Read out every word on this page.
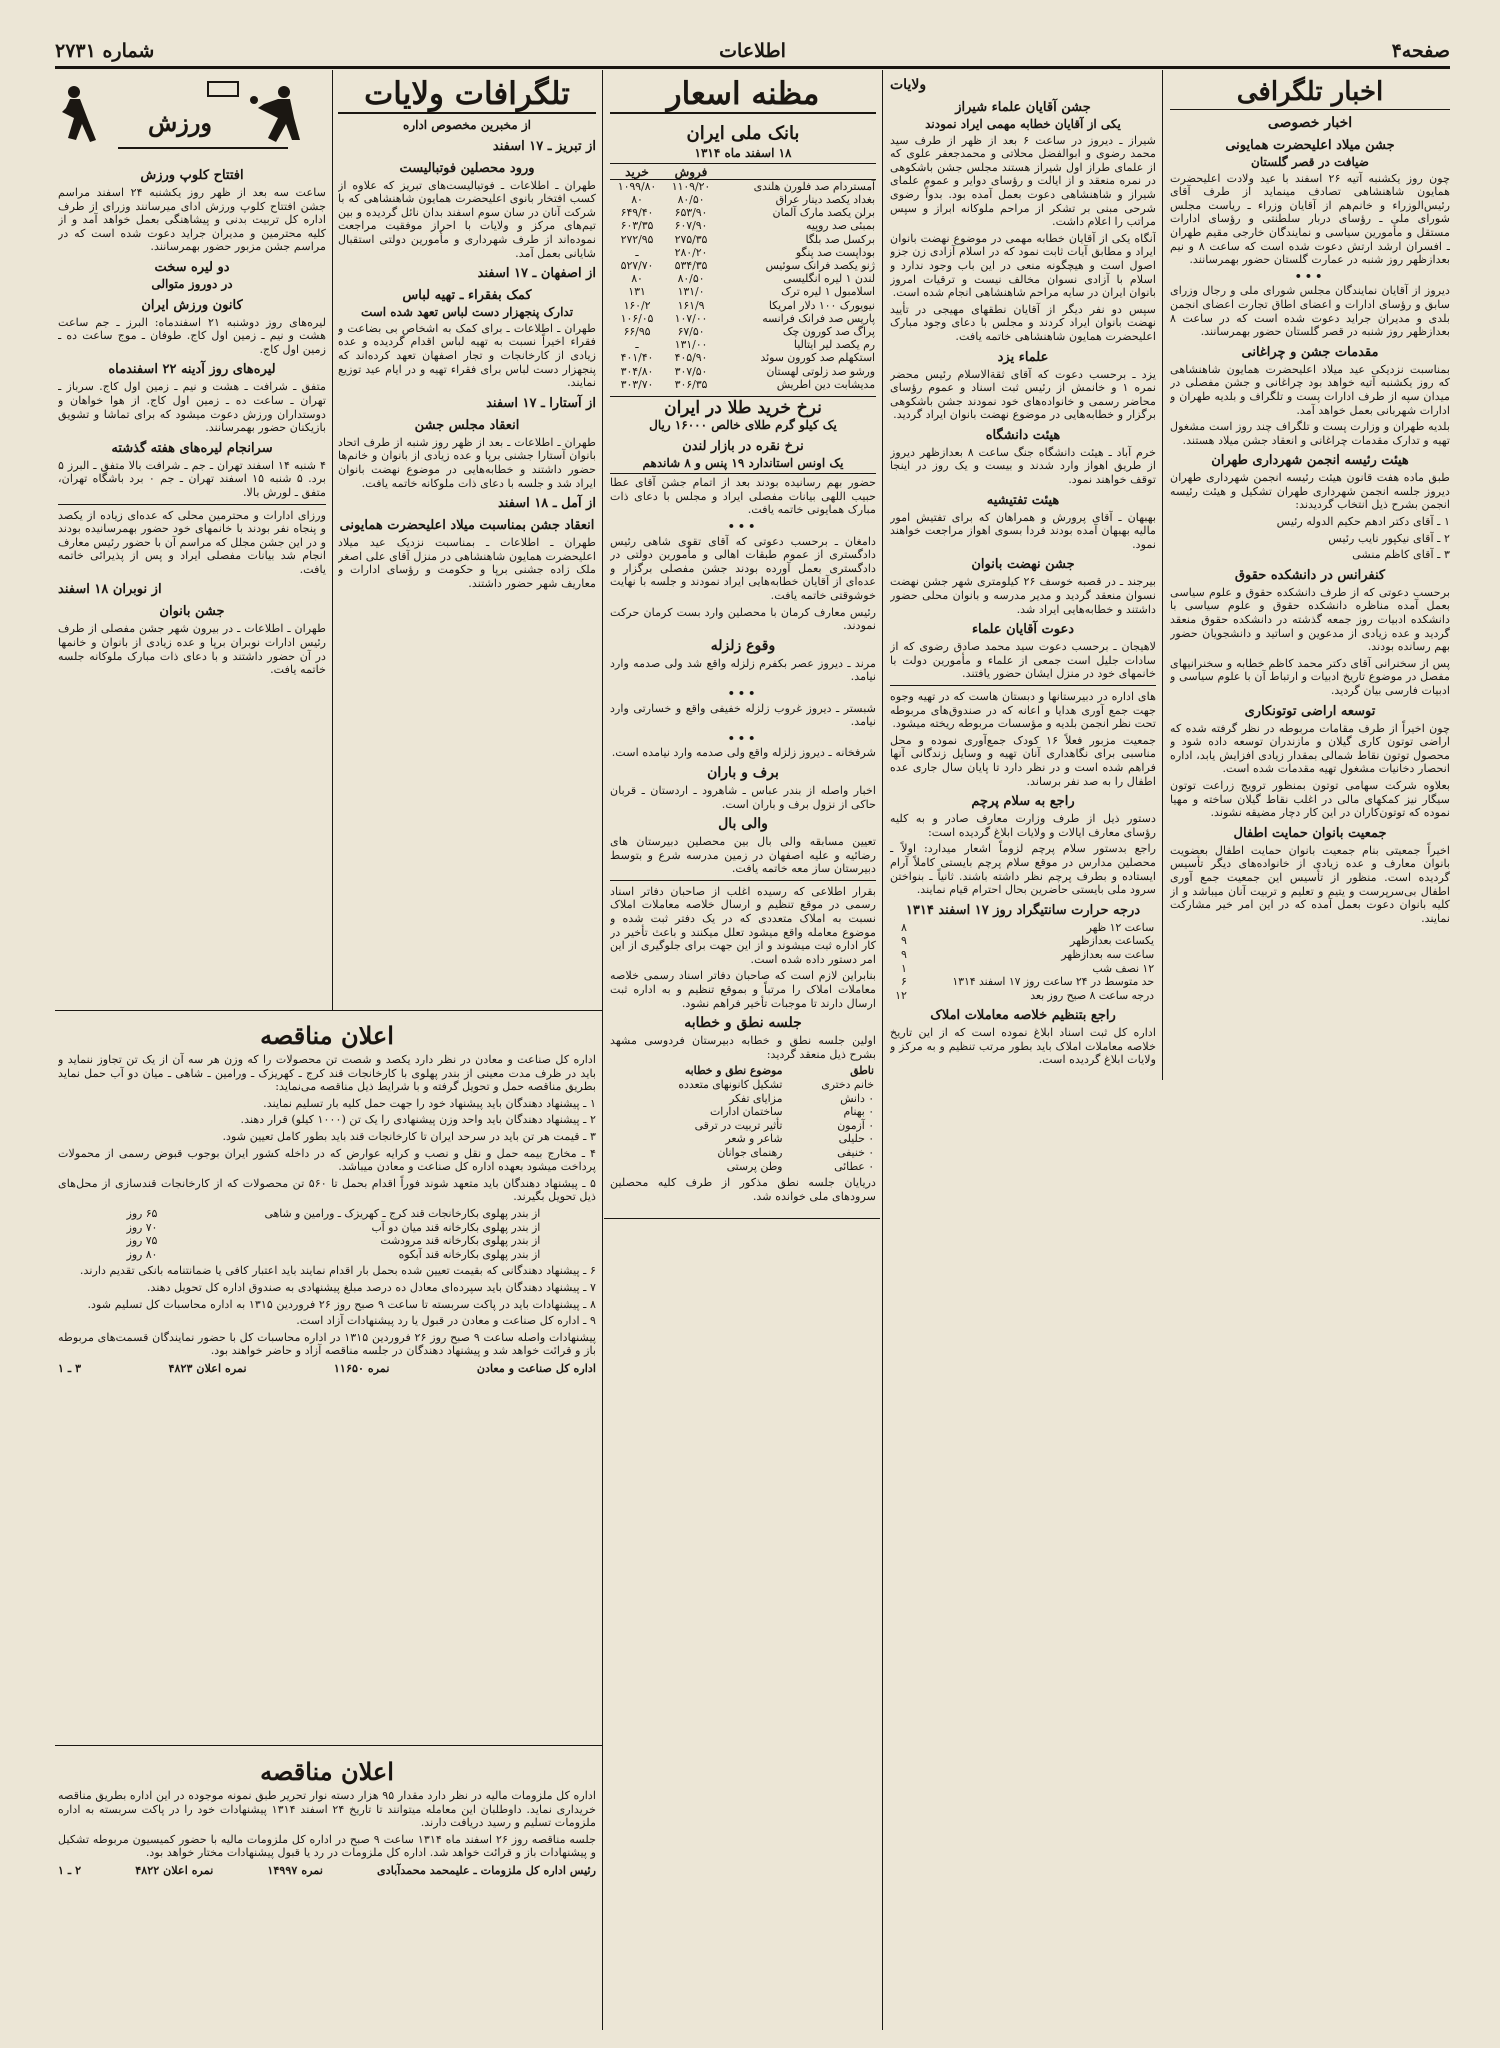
صفحه۴
اطلاعات
شماره ۲۷۳۱
اخبار تلگرافی
اخبار خصوصی
جشن میلاد اعلیحضرت همایونی
ضیافت در قصر گلستان

چون روز یکشنبه آتیه ۲۶ اسفند با عید ولادت اعلیحضرت همایون شاهنشاهی تصادف مینماید از طرف آقای رئیس‌الوزراء و خانم‌هم از آقایان وزراء ـ ریاست مجلس شورای ملی ـ رؤسای دربار سلطنتی و رؤسای ادارات مستقل و مأمورین سیاسی و نمایندگان خارجی مقیم طهران ـ افسران ارشد ارتش دعوت شده است که ساعت ۸ و نیم بعدازظهر روز شنبه در عمارت گلستان حضور بهمرسانند.

•••

دیروز از آقایان نمایندگان مجلس شورای ملی و رجال وزرای سابق و رؤسای ادارات و اعضای اطاق تجارت اعضای انجمن بلدی و مدیران جراید دعوت شده است که در ساعت ۸ بعدازظهر روز شنبه در قصر گلستان حضور بهمرسانند.

مقدمات جشن و چراغانی

بمناسبت نزدیکی عید میلاد اعلیحضرت همایون شاهنشاهی که روز یکشنبه آتیه خواهد بود چراغانی و جشن مفصلی در میدان سپه از طرف ادارات پست و تلگراف و بلدیه طهران و ادارات شهربانی بعمل خواهد آمد.

بلدیه طهران و وزارت پست و تلگراف چند روز است مشغول تهیه و تدارک مقدمات چراغانی و انعقاد جشن میلاد هستند.

هیئت رئیسه انجمن شهرداری طهران

طبق ماده هفت قانون هیئت رئیسه انجمن شهرداری طهران دیروز جلسه انجمن شهرداری طهران تشکیل و هیئت رئیسه انجمن بشرح ذیل انتخاب گردیدند:

۱ ـ آقای دکتر ادهم حکیم الدوله رئیس

۲ ـ آقای نیکپور نایب رئیس

۳ ـ آقای کاظم منشی

کنفرانس در دانشکده حقوق

برحسب دعوتی که از طرف دانشکده حقوق و علوم سیاسی بعمل آمده مناظره دانشکده حقوق و علوم سیاسی با دانشکده ادبیات روز جمعه گذشته در دانشکده حقوق منعقد گردید و عده زیادی از مدعوین و اساتید و دانشجویان حضور بهم رسانده بودند.

پس از سخنرانی آقای دکتر محمد کاظم خطابه و سخنرانیهای مفصل در موضوع تاریخ ادبیات و ارتباط آن با علوم سیاسی و ادبیات فارسی بیان گردید.

توسعه اراضی توتونکاری

چون اخیراً از طرف مقامات مربوطه در نظر گرفته شده که اراضی توتون کاری گیلان و مازندران توسعه داده شود و محصول توتون نقاط شمالی بمقدار زیادی افزایش یابد، اداره انحصار دخانیات مشغول تهیه مقدمات شده است.

بعلاوه شرکت سهامی توتون بمنظور ترویج زراعت توتون سیگار نیز کمکهای مالی در اغلب نقاط گیلان ساخته و مهیا نموده که توتون‌کاران در این کار دچار مضیقه نشوند.

جمعیت بانوان حمایت اطفال

اخیراً جمعیتی بنام جمعیت بانوان حمایت اطفال بعضویت بانوان معارف و عده زیادی از خانواده‌های دیگر تأسیس گردیده است. منظور از تأسیس این جمعیت جمع آوری اطفال بی‌سرپرست و یتیم و تعلیم و تربیت آنان میباشد و از کلیه بانوان دعوت بعمل آمده که در این امر خیر مشارکت نمایند.

ولایات
جشن آقایان علماء شیراز
یکی از آقایان خطابه مهمی ایراد نمودند

شیراز ـ دیروز در ساعت ۶ بعد از ظهر از طرف سید محمد رضوی و ابوالفضل محلاتی و محمدجعفر علوی که از علمای طراز اول شیراز هستند مجلس جشن باشکوهی در نمره منعقد و از ایالت و رؤسای دوایر و عموم علمای شیراز و شاهنشاهی دعوت بعمل آمده بود. بدواً رضوی شرحی مبنی بر تشکر از مراحم ملوکانه ابراز و سپس مراتب را اعلام داشت.

آنگاه یکی از آقایان خطابه مهمی در موضوع نهضت بانوان ایراد و مطابق آیات ثابت نمود که در اسلام آزادی زن جزو اصول است و هیچگونه منعی در این باب وجود ندارد و اسلام با آزادی نسوان مخالف نیست و ترقیات امروز بانوان ایران در سایه مراحم شاهنشاهی انجام شده است.

سپس دو نفر دیگر از آقایان نطقهای مهیجی در تأیید نهضت بانوان ایراد کردند و مجلس با دعای وجود مبارک اعلیحضرت همایون شاهنشاهی خاتمه یافت.

علماء یزد

یزد ـ برحسب دعوت که آقای ثقةالاسلام رئیس محضر نمره ۱ و خانمش از رئیس ثبت اسناد و عموم رؤسای محاضر رسمی و خانواده‌های خود نمودند جشن باشکوهی برگزار و خطابه‌هایی در موضوع نهضت بانوان ایراد گردید.

هیئت دانشگاه

خرم آباد ـ هیئت دانشگاه جنگ ساعت ۸ بعدازظهر دیروز از طریق اهواز وارد شدند و بیست و یک روز در اینجا توقف خواهند نمود.

هیئت تفتیشیه

بهبهان ـ آقای پرورش و همراهان که برای تفتیش امور مالیه بهبهان آمده بودند فردا بسوی اهواز مراجعت خواهند نمود.

جشن نهضت بانوان

بیرجند ـ در قصبه خوسف ۲۶ کیلومتری شهر جشن نهضت نسوان منعقد گردید و مدیر مدرسه و بانوان محلی حضور داشتند و خطابه‌هایی ایراد شد.

دعوت آقایان علماء

لاهیجان ـ برحسب دعوت سید محمد صادق رضوی که از سادات جلیل است جمعی از علماء و مأمورین دولت با خانمهای خود در منزل ایشان حضور یافتند.

های اداره در دبیرستانها و دبستان هاست که در تهیه وجوه جهت جمع آوری هدایا و اعانه که در صندوق‌های مربوطه تحت نظر انجمن بلدیه و مؤسسات مربوطه ریخته میشود.

جمعیت مزبور فعلاً ۱۶ کودک جمع‌آوری نموده و محل مناسبی برای نگاهداری آنان تهیه و وسایل زندگانی آنها فراهم شده است و در نظر دارد تا پایان سال جاری عده اطفال را به صد نفر برساند.

راجع به سلام پرچم

دستور ذیل از طرف وزارت معارف صادر و به کلیه رؤسای معارف ایالات و ولایات ابلاغ گردیده است:

راجع بدستور سلام پرچم لزوماً اشعار میدارد: اولاً ـ محصلین مدارس در موقع سلام پرچم بایستی کاملاً آرام ایستاده و بطرف پرچم نظر داشته باشند. ثانیاً ـ بنواختن سرود ملی بایستی حاضرین بحال احترام قیام نمایند.

درجه حرارت سانتیگراد روز ۱۷ اسفند ۱۳۱۴
ساعت ۱۲ ظهر	۸
یکساعت بعدازظهر	۹
ساعت سه بعدازظهر	۹
۱۲ نصف شب	۱
حد متوسط در ۲۴ ساعت روز ۱۷ اسفند ۱۳۱۴	۶
درجه ساعت ۸ صبح روز بعد	۱۲
راجع بتنظیم خلاصه معاملات املاک

اداره کل ثبت اسناد ابلاغ نموده است که از این تاریخ خلاصه معاملات املاک باید بطور مرتب تنظیم و به مرکز و ولایات ابلاغ گردیده است.

مظنه اسعار
بانک ملی ایران
۱۸ اسفند ماه ۱۳۱۴
	فروش	خرید
آمستردام صد فلورن هلندی	۱۱۰۹/۲۰	۱۰۹۹/۸۰
بغداد یکصد دینار عراق	۸۰/۵۰	۸۰
برلن یکصد مارک آلمان	۶۵۳/۹۰	۶۴۹/۴۰
بمبئی صد روپیه	۶۰۷/۹۰	۶۰۳/۳۵
برکسل صد بلگا	۲۷۵/۳۵	۲۷۲/۹۵
بوداپست صد پنگو	۲۸۰/۲۰	ـ
ژنو یکصد فرانک سوئیس	۵۳۴/۳۵	۵۲۷/۷۰
لندن ۱ لیره انگلیسی	۸۰/۵۰	۸۰
اسلامبول ۱ لیره ترک	۱۳۱/۰	۱۳۱
نیویورک ۱۰۰ دلار امریکا	۱۶۱/۹	۱۶۰/۲
پاریس صد فرانک فرانسه	۱۰۷/۰۰	۱۰۶/۰۵
پراگ صد کورون چک	۶۷/۵۰	۶۶/۹۵
رم یکصد لیر ایتالیا	۱۳۱/۰۰	ـ
استکهلم صد کورون سوئد	۴۰۵/۹۰	۴۰۱/۴۰
ورشو صد زلوتی لهستان	۳۰۷/۵۰	۳۰۴/۸۰
مدیشابت دین اطریش	۳۰۶/۳۵	۳۰۳/۷۰
نرخ خرید طلا در ایران
یک کیلو گرم طلای خالص ۱۶۰۰۰ ریال
نرخ نقره در بازار لندن
یک اونس استاندارد ۱۹ پنس و ۸ شاندهم

حضور بهم رسانیده بودند بعد از اتمام جشن آقای عطا حبیب اللهی بیانات مفصلی ایراد و مجلس با دعای ذات مبارک همایونی خاتمه یافت.

•••

دامغان ـ برحسب دعوتی که آقای تقوی شاهی رئیس دادگستری از عموم طبقات اهالی و مأمورین دولتی در دادگستری بعمل آورده بودند جشن مفصلی برگزار و عده‌ای از آقایان خطابه‌هایی ایراد نمودند و جلسه با نهایت خوشوقتی خاتمه یافت.

رئیس معارف کرمان با محصلین وارد بست کرمان حرکت نمودند.

وقوع زلزله

مرند ـ دیروز عصر بکفرم زلزله واقع شد ولی صدمه وارد نیامد.

•••

شبستر ـ دیروز غروب زلزله خفیفی واقع و خسارتی وارد نیامد.

•••

شرفخانه ـ دیروز زلزله واقع ولی صدمه وارد نیامده است.

برف و باران

اخبار واصله از بندر عباس ـ شاهرود ـ اردستان ـ قربان حاکی از نزول برف و باران است.

والی بال

تعیین مسابقه والی بال بین محصلین دبیرستان های رضائیه و علیه اصفهان در زمین مدرسه شرع و بتوسط دبیرستان ساز معه خاتمه یافت.

بقرار اطلاعی که رسیده اغلب از صاحبان دفاتر اسناد رسمی در موقع تنظیم و ارسال خلاصه معاملات املاک نسبت به املاک متعددی که در یک دفتر ثبت شده و موضوع معامله واقع میشود تعلل میکنند و باعث تأخیر در کار اداره ثبت میشوند و از این جهت برای جلوگیری از این امر دستور داده شده است.

بنابراین لازم است که صاحبان دفاتر اسناد رسمی خلاصه معاملات املاک را مرتباً و بموقع تنظیم و به اداره ثبت ارسال دارند تا موجبات تأخیر فراهم نشود.

جلسه نطق و خطابه

اولین جلسه نطق و خطابه دبیرستان فردوسی مشهد بشرح ذیل منعقد گردید:

ناطق	موضوع نطق و خطابه
خانم دختری	تشکیل کانونهای متعدده
۰ دانش	مزایای تفکر
۰ بهنام	ساختمان ادارات
۰ آزمون	تأثیر تربیت در ترقی
۰ حلیلی	شاعر و شعر
۰ خنیفی	رهنمای جوانان
۰ عطائی	وطن پرستی

دریایان جلسه نطق مذکور از طرف کلیه محصلین سرودهای ملی خوانده شد.

تلگرافات ولایات
از مخبرین مخصوص اداره
از تبریز ـ ۱۷ اسفند
ورود محصلین فوتبالیست

طهران ـ اطلاعات ـ فوتبالیست‌های تبریز که علاوه از کسب افتخار بانوی اعلیحضرت همایون شاهنشاهی که با شرکت آنان در سان سوم اسفند بدان نائل گردیده و بین تیم‌های مرکز و ولایات با احراز موفقیت مراجعت نموده‌اند از طرف شهرداری و مأمورین دولتی استقبال شایانی بعمل آمد.

از اصفهان ـ ۱۷ اسفند
کمک بفقراء ـ تهیه لباس
تدارک پنجهزار دست لباس تعهد شده است

طهران ـ اطلاعات ـ برای کمک به اشخاص بی بضاعت و فقراء اخیراً نسبت به تهیه لباس اقدام گردیده و عده زیادی از کارخانجات و تجار اصفهان تعهد کرده‌اند که پنجهزار دست لباس برای فقراء تهیه و در ایام عید توزیع نمایند.

از آستارا ـ ۱۷ اسفند
انعقاد مجلس جشن

طهران ـ اطلاعات ـ بعد از ظهر روز شنبه از طرف اتحاد بانوان آستارا جشنی برپا و عده زیادی از بانوان و خانم‌ها حضور داشتند و خطابه‌هایی در موضوع نهضت بانوان ایراد شد و جلسه با دعای ذات ملوکانه خاتمه یافت.

از آمل ـ ۱۸ اسفند
انعقاد جشن بمناسبت میلاد اعلیحضرت همایونی

طهران ـ اطلاعات ـ بمناسبت نزدیک عید میلاد اعلیحضرت همایون شاهنشاهی در منزل آقای علی اصغر ملک زاده جشنی برپا و حکومت و رؤسای ادارات و معاریف شهر حضور داشتند.

ورزش
افتتاح کلوپ ورزش

ساعت سه بعد از ظهر روز یکشنبه ۲۴ اسفند مراسم جشن افتتاح کلوپ ورزش ادای میرسانند وزرای از طرف اداره کل تربیت بدنی و پیشاهنگی بعمل خواهد آمد و از کلیه محترمین و مدیران جراید دعوت شده است که در مراسم جشن مزبور حضور بهمرسانند.

دو لیره سخت
در دوروز متوالی
کانون ورزش ایران

لیره‌های روز دوشنبه ۲۱ اسفندماه: البرز ـ جم ساعت هشت و نیم ـ زمین اول کاج. طوفان ـ موج ساعت ده ـ زمین اول کاج.

لیره‌های روز آدینه ۲۲ اسفندماه

متفق ـ شرافت ـ هشت و نیم ـ زمین اول کاج. سرباز ـ تهران ـ ساعت ده ـ زمین اول کاج. از هوا خواهان و دوستداران ورزش دعوت میشود که برای تماشا و تشویق بازیکنان حضور بهمرسانند.

سرانجام لیره‌های هفته گذشته

۴ شنبه ۱۴ اسفند تهران ـ جم ـ شرافت بالا متفق ـ البرز ۵ برد. ۵ شنبه ۱۵ اسفند تهران ـ جم ۰ برد باشگاه تهران، متفق ـ لورش بالا.

ورزای ادارات و محترمین محلی که عده‌ای زیاده از یکصد و پنجاه نفر بودند با خانمهای خود حضور بهمرسانیده بودند و در این جشن مجلل که مراسم آن با حضور رئیس معارف انجام شد بیانات مفصلی ایراد و پس از پذیرائی خاتمه یافت.

از نوبران ۱۸ اسفند
جشن بانوان

طهران ـ اطلاعات ـ در بیرون شهر جشن مفصلی از طرف رئیس ادارات نوبران برپا و عده زیادی از بانوان و خانمها در آن حضور داشتند و با دعای ذات مبارک ملوکانه جلسه خاتمه یافت.

اعلان مناقصه

اداره کل صناعت و معادن در نظر دارد یکصد و شصت تن محصولات را که وزن هر سه آن از یک تن تجاوز ننماید و باید در ظرف مدت معینی از بندر پهلوی با کارخانجات قند کرج ـ کهریزک ـ ورامین ـ شاهی ـ میان دو آب حمل نماید بطریق مناقصه حمل و تحویل گرفته و با شرایط ذیل مناقصه می‌نماید:

۱ ـ پیشنهاد دهندگان باید پیشنهاد خود را جهت حمل کلیه بار تسلیم نمایند.

۲ ـ پیشنهاد دهندگان باید واحد وزن پیشنهادی را یک تن (۱۰۰۰ کیلو) قرار دهند.

۳ ـ قیمت هر تن باید در سرحد ایران تا کارخانجات قند باید بطور کامل تعیین شود.

۴ ـ مخارج بیمه حمل و نقل و نصب و کرایه عوارض که در داخله کشور ایران بوجوب قبوض رسمی از محمولات پرداخت میشود بعهده اداره کل صناعت و معادن میباشد.

۵ ـ پیشنهاد دهندگان باید متعهد شوند فوراً اقدام بحمل تا ۵۶۰ تن محصولات که از کارخانجات قندسازی از محل‌های ذیل تحویل بگیرند.

از بندر پهلوی بکارخانجات قند کرج ـ کهریزک ـ ورامین و شاهی	۶۵ روز
از بندر پهلوی بکارخانه قند میان دو آب	۷۰ روز
از بندر پهلوی بکارخانه قند مرودشت	۷۵ روز
از بندر پهلوی بکارخانه قند آبکوه	۸۰ روز

۶ ـ پیشنهاد دهندگانی که بقیمت تعیین شده بحمل بار اقدام نمایند باید اعتبار کافی یا ضمانتنامه بانکی تقدیم دارند.

۷ ـ پیشنهاد دهندگان باید سپرده‌ای معادل ده درصد مبلغ پیشنهادی به صندوق اداره کل تحویل دهند.

۸ ـ پیشنهادات باید در پاکت سربسته تا ساعت ۹ صبح روز ۲۶ فروردین ۱۳۱۵ به اداره محاسبات کل تسلیم شود.

۹ ـ اداره کل صناعت و معادن در قبول یا رد پیشنهادات آزاد است.

پیشنهادات واصله ساعت ۹ صبح روز ۲۶ فروردین ۱۳۱۵ در اداره محاسبات کل با حضور نمایندگان قسمت‌های مربوطه باز و قرائت خواهد شد و پیشنهاد دهندگان در جلسه مناقصه آزاد و حاضر خواهند بود.

اداره کل صناعت و معادن
نمره ۱۱۶۵۰
نمره اعلان ۴۸۲۳
۳ ـ ۱
اعلان مناقصه

اداره کل ملزومات مالیه در نظر دارد مقدار ۹۵ هزار دسته نوار تحریر طبق نمونه موجوده در این اداره بطریق مناقصه خریداری نماید. داوطلبان این معامله میتوانند تا تاریخ ۲۴ اسفند ۱۳۱۴ پیشنهادات خود را در پاکت سربسته به اداره ملزومات تسلیم و رسید دریافت دارند.

جلسه مناقصه روز ۲۶ اسفند ماه ۱۳۱۴ ساعت ۹ صبح در اداره کل ملزومات مالیه با حضور کمیسیون مربوطه تشکیل و پیشنهادات باز و قرائت خواهد شد. اداره کل ملزومات در رد یا قبول پیشنهادات مختار خواهد بود.

رئیس اداره کل ملزومات ـ علیمحمد محمدآبادی
نمره ۱۴۹۹۷
نمره اعلان ۴۸۲۲
۲ ـ ۱
